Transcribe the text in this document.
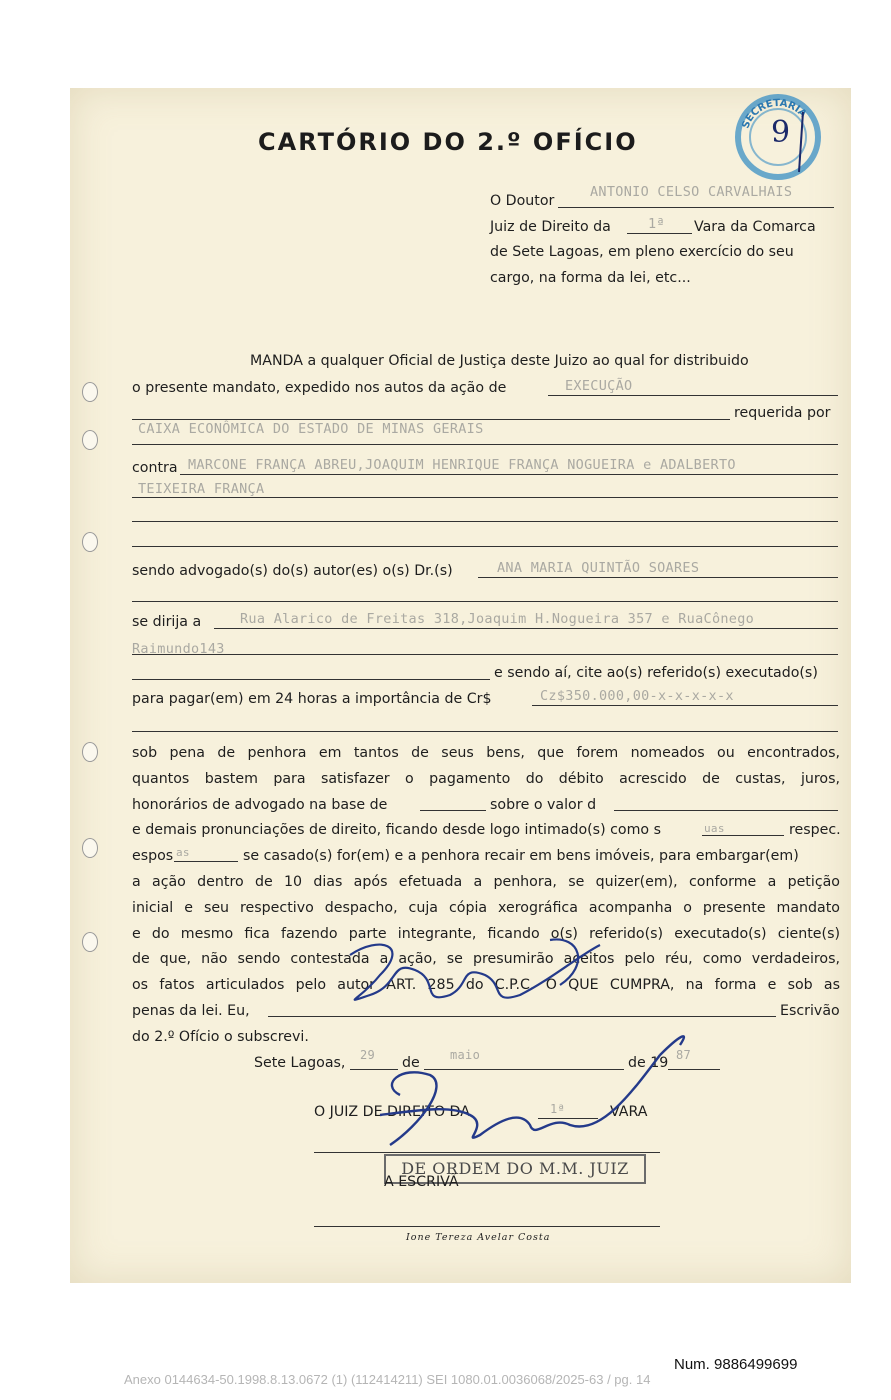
SECRETARIA
9
CARTÓRIO DO 2.º OFÍCIO
O Doutor
ANTONIO CELSO CARVALHAIS
Juiz de Direito da	1ª Vara da Comarca
de Sete Lagoas, em pleno exercício do seu
cargo, na forma da lei, etc...
MANDA a qualquer Oficial de Justiça deste Juizo ao qual for distribuido
o presente mandato, expedido nos autos da ação de	EXECUÇÃO
requerida por
CAIXA ECONÔMICA DO ESTADO DE MINAS GERAIS
contra MARCONE FRANÇA ABREU,JOAQUIM HENRIQUE FRANÇA NOGUEIRA e ADALBERTO
TEIXEIRA FRANÇA
sendo advogado(s) do(s) autor(es) o(s) Dr.(s)	ANA MARIA QUINTÃO SOARES
se dirija a	Rua Alarico de Freitas 318,Joaquim H.Nogueira 357 e RuaCônego
Raimundo143
e sendo aí, cite ao(s) referido(s) executado(s)
para pagar(em) em 24 horas a importância de Cr$	Cz$350.000,00-x-x-x-x-x
sob pena de penhora em tantos de seus bens, que forem nomeados ou encontrados,
quantos bastem para satisfazer o pagamento do débito acrescido de custas, juros,
honorários de advogado na base de	sobre o valor d
e demais pronunciações de direito, ficando desde logo intimado(s) como s	uas	respec.
espos as	se casado(s) for(em) e a penhora recair em bens imóveis, para embargar(em)
a ação dentro de 10 dias após efetuada a penhora, se quizer(em), conforme a petição
inicial e seu respectivo despacho, cuja cópia xerográfica acompanha o presente mandato
e do mesmo fica fazendo parte integrante, ficando o(s) referido(s) executado(s) ciente(s)
de que, não sendo contestada a ação, se presumirão aceitos pelo réu, como verdadeiros,
os fatos articulados pelo autor ART. 285 do C.P.C. O QUE CUMPRA, na forma e sob as
penas da lei. Eu,	Escrivão
do 2.º Ofício o subscrevi.
Sete Lagoas, 29 de	maio	de 19 87
O JUIZ DE DIREITO DA	1ª	VARA
DE ORDEM DO M.M. JUIZ
A ESCRIVÃ
Ione Tereza Avelar Costa
Num. 9886499699
Anexo 0144634-50.1998.8.13.0672 (1) (112414211) SEI 1080.01.0036068/2025-63 / pg. 14
